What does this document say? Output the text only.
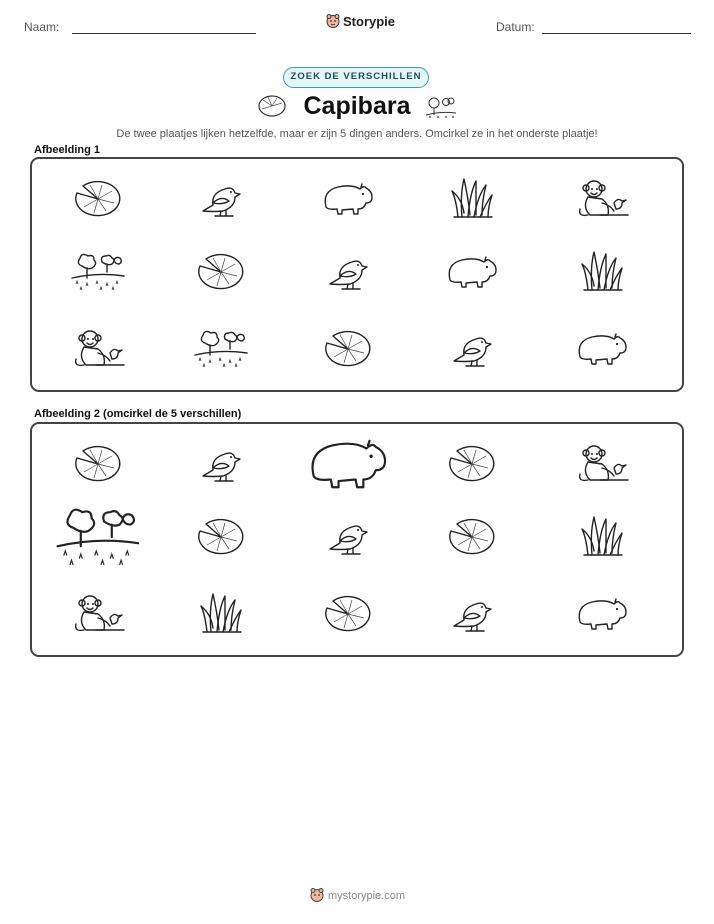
Naam:	Storypie	Datum:
ZOEK DE VERSCHILLEN
Capibara
De twee plaatjes lijken hetzelfde, maar er zijn 5 dingen anders. Omcirkel ze in het onderste plaatje!
Afbeelding 1
Afbeelding 2 (omcirkel de 5 verschillen)
mystorypie.com
